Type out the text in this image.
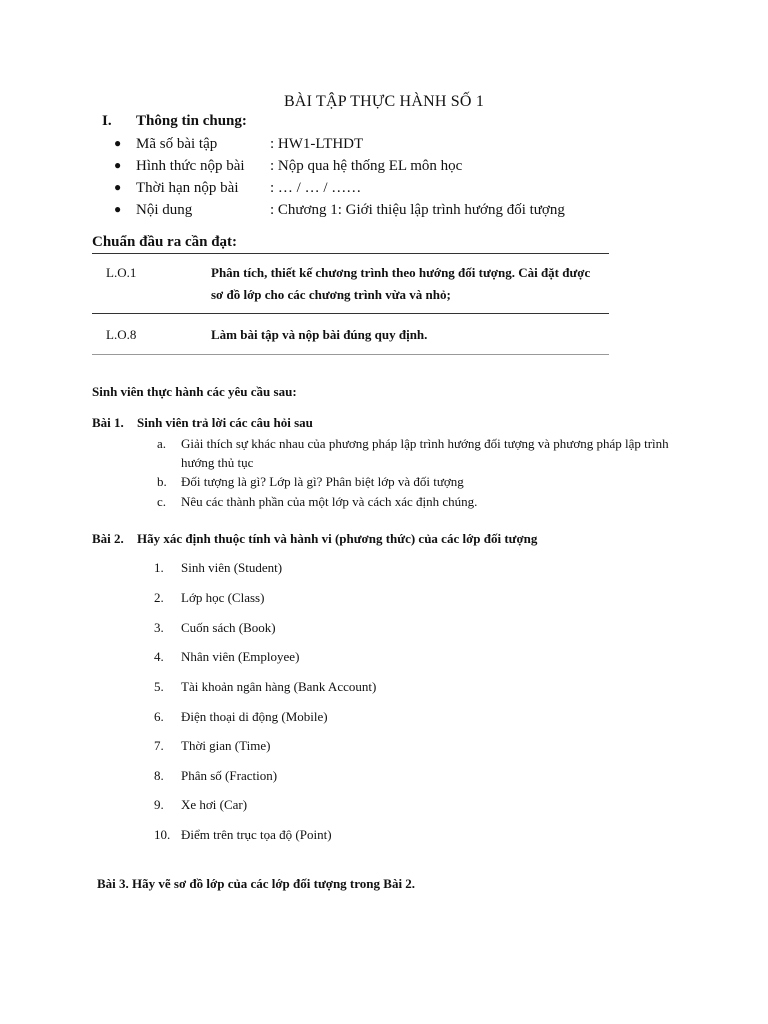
BÀI TẬP THỰC HÀNH SỐ 1
I. Thông tin chung:
● Mã số bài tập	: HW1-LTHDT
● Hình thức nộp bài : Nộp qua hệ thống EL môn học
● Thời hạn nộp bài : … / … / ……
● Nội dung	: Chương 1: Giới thiệu lập trình hướng đối tượng
Chuẩn đầu ra cần đạt:
L.O.1	Phân tích, thiết kế chương trình theo hướng đối tượng. Cài đặt được sơ đồ lớp cho các chương trình vừa và nhỏ;
L.O.8	Làm bài tập và nộp bài đúng quy định.
Sinh viên thực hành các yêu cầu sau:
Bài 1. Sinh viên trả lời các câu hỏi sau
a. Giải thích sự khác nhau của phương pháp lập trình hướng đối tượng và phương pháp lập trình hướng thủ tục
b. Đối tượng là gì? Lớp là gì? Phân biệt lớp và đối tượng
c. Nêu các thành phần của một lớp và cách xác định chúng.
Bài 2. Hãy xác định thuộc tính và hành vi (phương thức) của các lớp đối tượng
1. Sinh viên (Student)
2. Lớp học (Class)
3. Cuốn sách (Book)
4. Nhân viên (Employee)
5. Tài khoản ngân hàng (Bank Account)
6. Điện thoại di động (Mobile)
7. Thời gian (Time)
8. Phân số (Fraction)
9. Xe hơi (Car)
10. Điểm trên trục tọa độ (Point)
Bài 3. Hãy vẽ sơ đồ lớp của các lớp đối tượng trong Bài 2.
